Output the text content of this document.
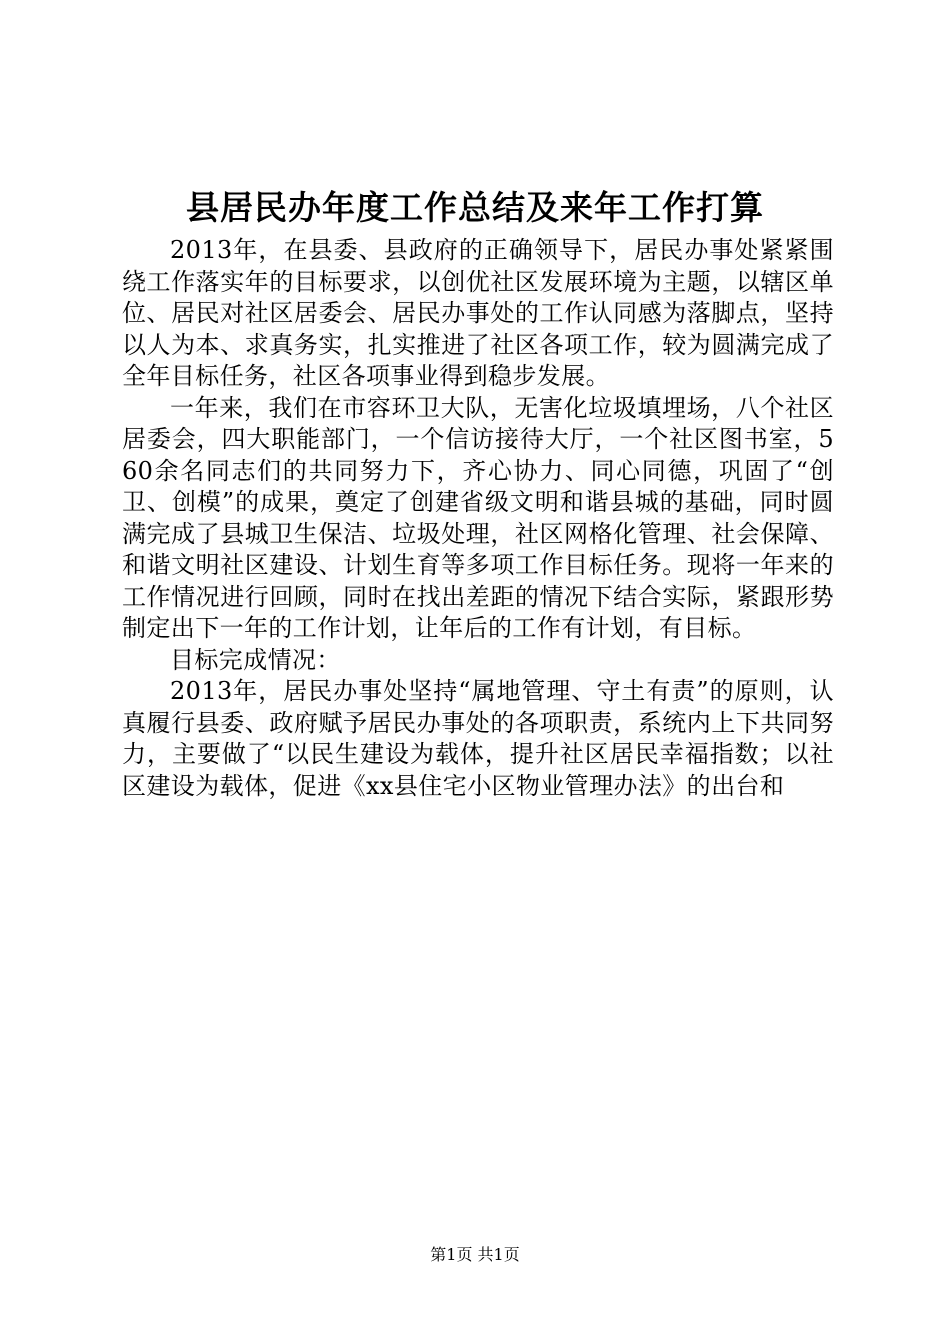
县居民办年度工作总结及来年工作打算

2013年，在县委、县政府的正确领导下，居民办事处紧紧围绕工作落实年的目标要求，以创优社区发展环境为主题，以辖区单位、居民对社区居委会、居民办事处的工作认同感为落脚点，坚持以人为本、求真务实，扎实推进了社区各项工作，较为圆满完成了全年目标任务，社区各项事业得到稳步发展。

一年来，我们在市容环卫大队，无害化垃圾填埋场，八个社区居委会，四大职能部门，一个信访接待大厅，一个社区图书室，560余名同志们的共同努力下，齐心协力、同心同德，巩固了“创卫、创模”的成果，奠定了创建省级文明和谐县城的基础，同时圆满完成了县城卫生保洁、垃圾处理，社区网格化管理、社会保障、和谐文明社区建设、计划生育等多项工作目标任务。现将一年来的工作情况进行回顾，同时在找出差距的情况下结合实际，紧跟形势制定出下一年的工作计划，让年后的工作有计划，有目标。

目标完成情况：

2013年，居民办事处坚持“属地管理、守土有责”的原则，认真履行县委、政府赋予居民办事处的各项职责，系统内上下共同努力，主要做了“以民生建设为载体，提升社区居民幸福指数；以社区建设为载体，促进《xx县住宅小区物业管理办法》的出台和

第1页 共1页
